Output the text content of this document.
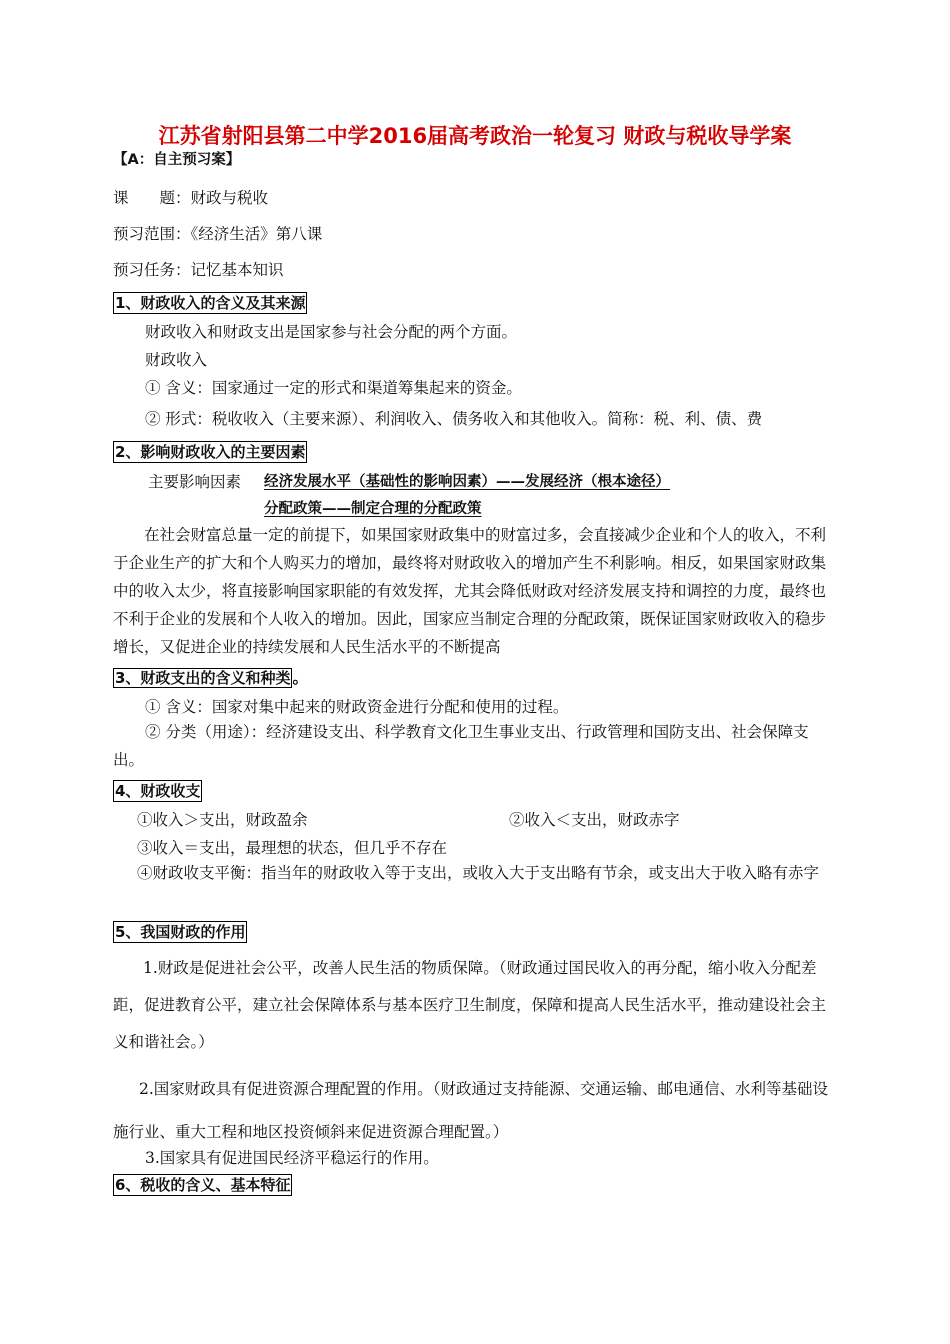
江苏省射阳县第二中学2016届高考政治一轮复习 财政与税收导学案
【A：自主预习案】
课　　题：财政与税收
预习范围：《经济生活》第八课
预习任务：记忆基本知识
1、财政收入的含义及其来源
财政收入和财政支出是国家参与社会分配的两个方面。
财政收入
① 含义：国家通过一定的形式和渠道筹集起来的资金。
② 形式：税收收入（主要来源）、利润收入、债务收入和其他收入。简称：税、利、债、费
2、影响财政收入的主要因素
主要影响因素 经济发展水平（基础性的影响因素）——发展经济（根本途径）
分配政策——制定合理的分配政策
在社会财富总量一定的前提下，如果国家财政集中的财富过多，会直接减少企业和个人的收入，不利于企业生产的扩大和个人购买力的增加，最终将对财政收入的增加产生不利影响。相反，如果国家财政集中的收入太少，将直接影响国家职能的有效发挥，尤其会降低财政对经济发展支持和调控的力度，最终也不利于企业的发展和个人收入的增加。因此，国家应当制定合理的分配政策，既保证国家财政收入的稳步增长，又促进企业的持续发展和人民生活水平的不断提高
3、财政支出的含义和种类 。
① 含义：国家对集中起来的财政资金进行分配和使用的过程。
② 分类（用途）：经济建设支出、科学教育文化卫生事业支出、行政管理和国防支出、社会保障支出。
4、财政收支
①收入＞支出，财政盈余	②收入＜支出，财政赤字
③收入＝支出，最理想的状态，但几乎不存在
④财政收支平衡：指当年的财政收入等于支出，或收入大于支出略有节余，或支出大于收入略有赤字
5、我国财政的作用
1.财政是促进社会公平，改善人民生活的物质保障。（财政通过国民收入的再分配，缩小收入分配差距，促进教育公平，建立社会保障体系与基本医疗卫生制度，保障和提高人民生活水平，推动建设社会主义和谐社会。）
2.国家财政具有促进资源合理配置的作用。（财政通过支持能源、交通运输、邮电通信、水利等基础设施行业、重大工程和地区投资倾斜来促进资源合理配置。）
3.国家具有促进国民经济平稳运行的作用。
6、税收的含义、基本特征
